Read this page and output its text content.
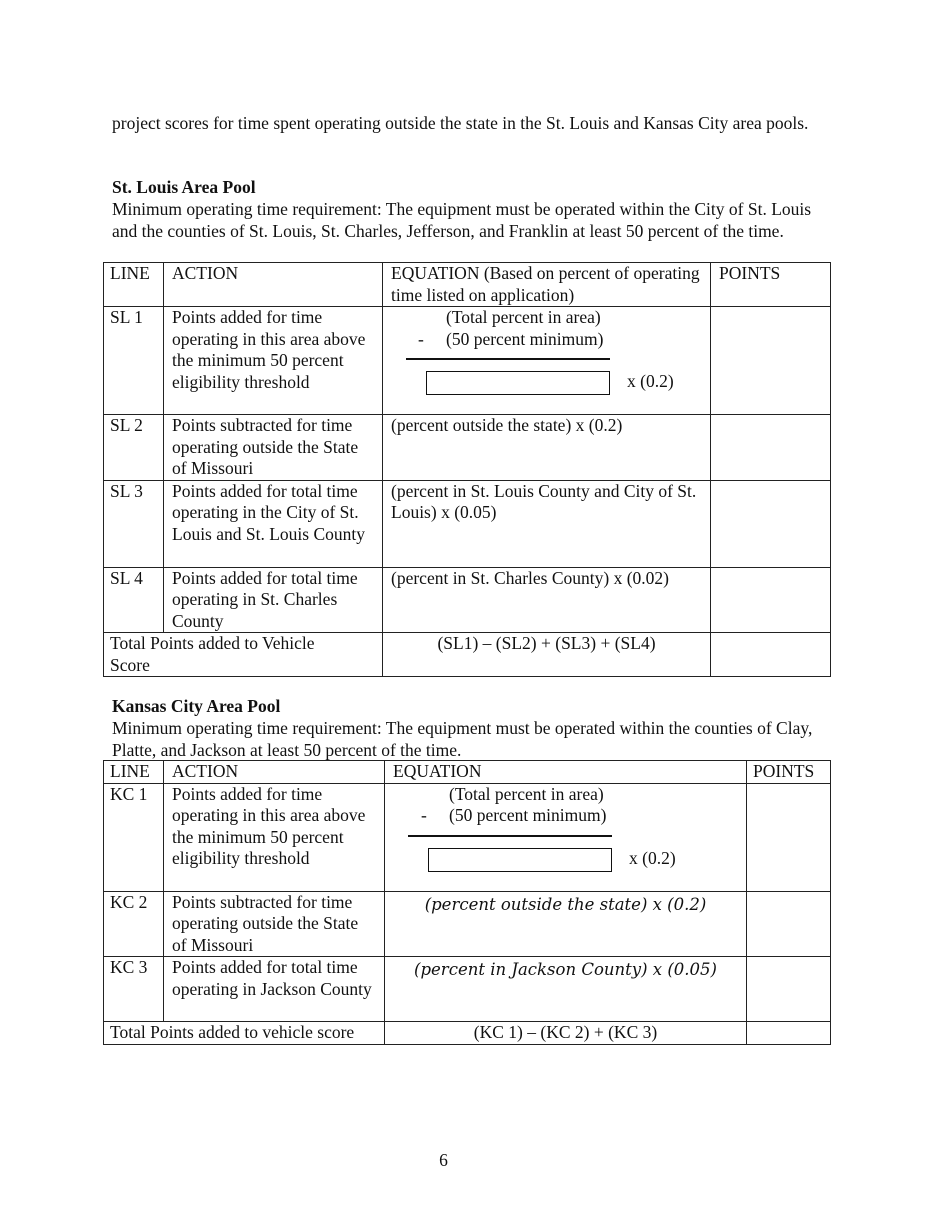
project scores for time spent operating outside the state in the St. Louis and Kansas City area pools.
St. Louis Area Pool
Minimum operating time requirement: The equipment must be operated within the City of St. Louis and the counties of St. Louis, St. Charles, Jefferson, and Franklin at least 50 percent of the time.
LINE	ACTION	EQUATION (Based on percent of operating time listed on application)	POINTS
SL 1	Points added for time operating in this area above the minimum 50 percent eligibility threshold	(Total percent in area)
- (50 percent minimum)
x (0.2)	

SL 2	Points subtracted for time operating outside the State of Missouri	(percent outside the state) x (0.2)	
SL 3	Points added for total time operating in the City of St. Louis and St. Louis County	(percent in St. Louis County and City of St. Louis) x (0.05)	
SL 4	Points added for total time operating in St. Charles County	(percent in St. Charles County) x (0.02)	
Total Points added to Vehicle Score		(SL1) – (SL2) + (SL3) + (SL4)	
Kansas City Area Pool
Minimum operating time requirement: The equipment must be operated within the counties of Clay, Platte, and Jackson at least 50 percent of the time.
LINE	ACTION	EQUATION	POINTS
KC 1	Points added for time operating in this area above the minimum 50 percent eligibility threshold	(Total percent in area)
- (50 percent minimum)
x (0.2)	

KC 2	Points subtracted for time operating outside the State of Missouri	(percent outside the state) x (0.2)	
KC 3	Points added for total time operating in Jackson County	(percent in Jackson County) x (0.05)	
Total Points added to vehicle score		(KC 1) – (KC 2) + (KC 3)	
6
